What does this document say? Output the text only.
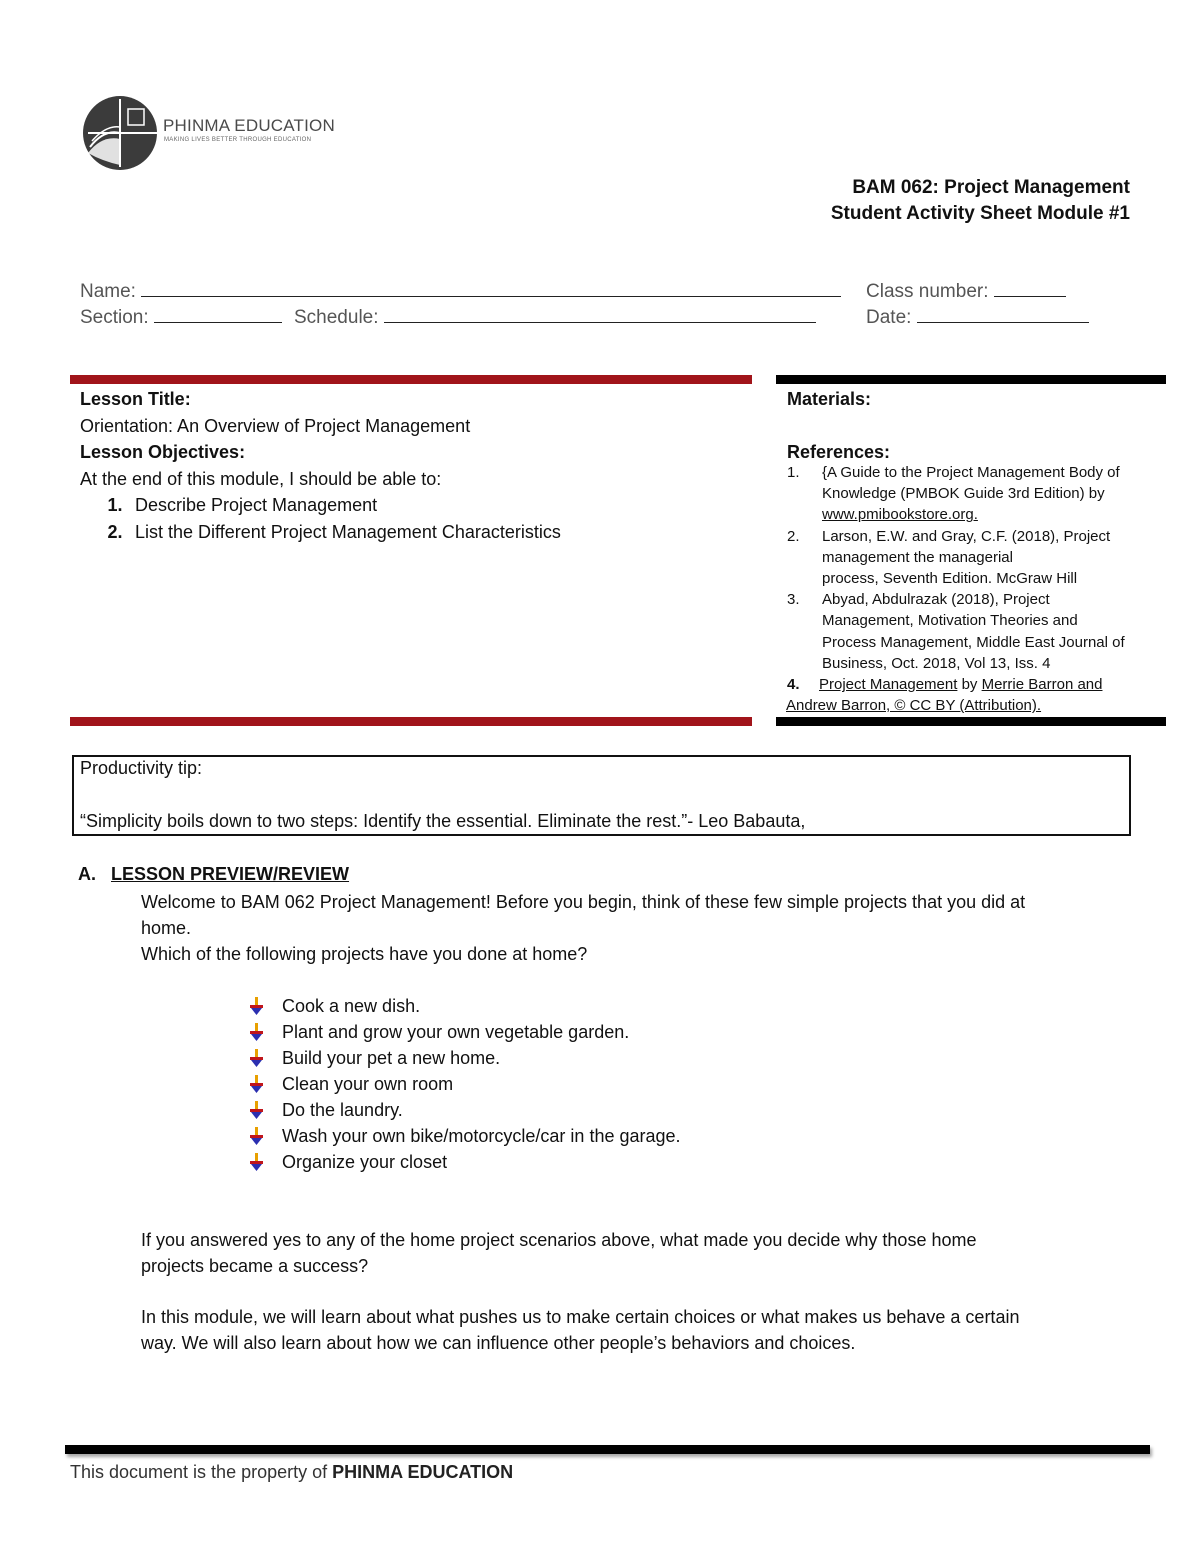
PHINMA EDUCATION
MAKING LIVES BETTER THROUGH EDUCATION
BAM 062: Project Management
Student Activity Sheet Module #1
Name:	Class number:
Section:	Schedule:	Date:
Lesson Title:
Orientation: An Overview of Project Management
Lesson Objectives:
At the end of this module, I should be able to:
1. Describe Project Management
2. List the Different Project Management Characteristics
Materials:
References:
1.	{A Guide to the Project Management Body of
Knowledge (PMBOK Guide 3rd Edition) by
www.pmibookstore.org.
2.	Larson, E.W. and Gray, C.F. (2018), Project
management the managerial
process, Seventh Edition. McGraw Hill
3.	Abyad, Abdulrazak (2018), Project
Management, Motivation Theories and
Process Management, Middle East Journal of
Business, Oct. 2018, Vol 13, Iss. 4
4. Project Management by Merrie Barron and
Andrew Barron, © CC BY (Attribution).
Productivity tip:
“Simplicity boils down to two steps: Identify the essential. Eliminate the rest.”- Leo Babauta,
A. LESSON PREVIEW/REVIEW
Welcome to BAM 062 Project Management! Before you begin, think of these few simple projects that you did at
home.
Which of the following projects have you done at home?
Cook a new dish.
Plant and grow your own vegetable garden.
Build your pet a new home.
Clean your own room
Do the laundry.
Wash your own bike/motorcycle/car in the garage.
Organize your closet
If you answered yes to any of the home project scenarios above, what made you decide why those home
projects became a success?
In this module, we will learn about what pushes us to make certain choices or what makes us behave a certain
way. We will also learn about how we can influence other people’s behaviors and choices.
This document is the property of PHINMA EDUCATION
